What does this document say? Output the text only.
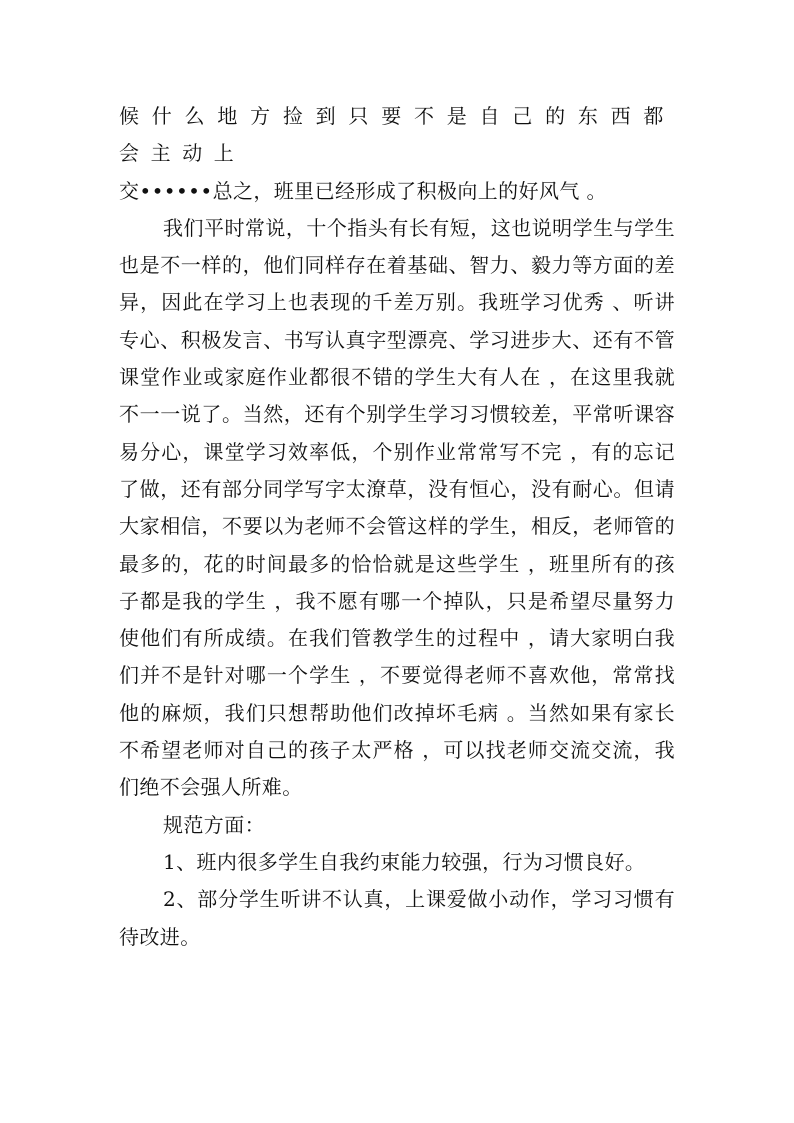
候什么地方捡到只要不是自己的东西都会主动上

交••••••总之，班里已经形成了积极向上的好风气 。

我们平时常说，十个指头有长有短，这也说明学生与学生也是不一样的，他们同样存在着基础、智力、毅力等方面的差异，因此在学习上也表现的千差万别。我班学习优秀 、听讲专心、积极发言、书写认真字型漂亮、学习进步大、还有不管课堂作业或家庭作业都很不错的学生大有人在 ，在这里我就不一一说了。当然，还有个别学生学习习惯较差，平常听课容易分心，课堂学习效率低，个别作业常常写不完 ，有的忘记了做，还有部分同学写字太潦草，没有恒心，没有耐心。但请大家相信，不要以为老师不会管这样的学生，相反，老师管的最多的，花的时间最多的恰恰就是这些学生 ，班里所有的孩子都是我的学生 ，我不愿有哪一个掉队，只是希望尽量努力使他们有所成绩。在我们管教学生的过程中 ，请大家明白我们并不是针对哪一个学生 ，不要觉得老师不喜欢他，常常找他的麻烦，我们只想帮助他们改掉坏毛病 。当然如果有家长不希望老师对自己的孩子太严格 ，可以找老师交流交流，我们绝不会强人所难。

规范方面：

1、班内很多学生自我约束能力较强，行为习惯良好。

2、部分学生听讲不认真，上课爱做小动作，学习习惯有待改进。
